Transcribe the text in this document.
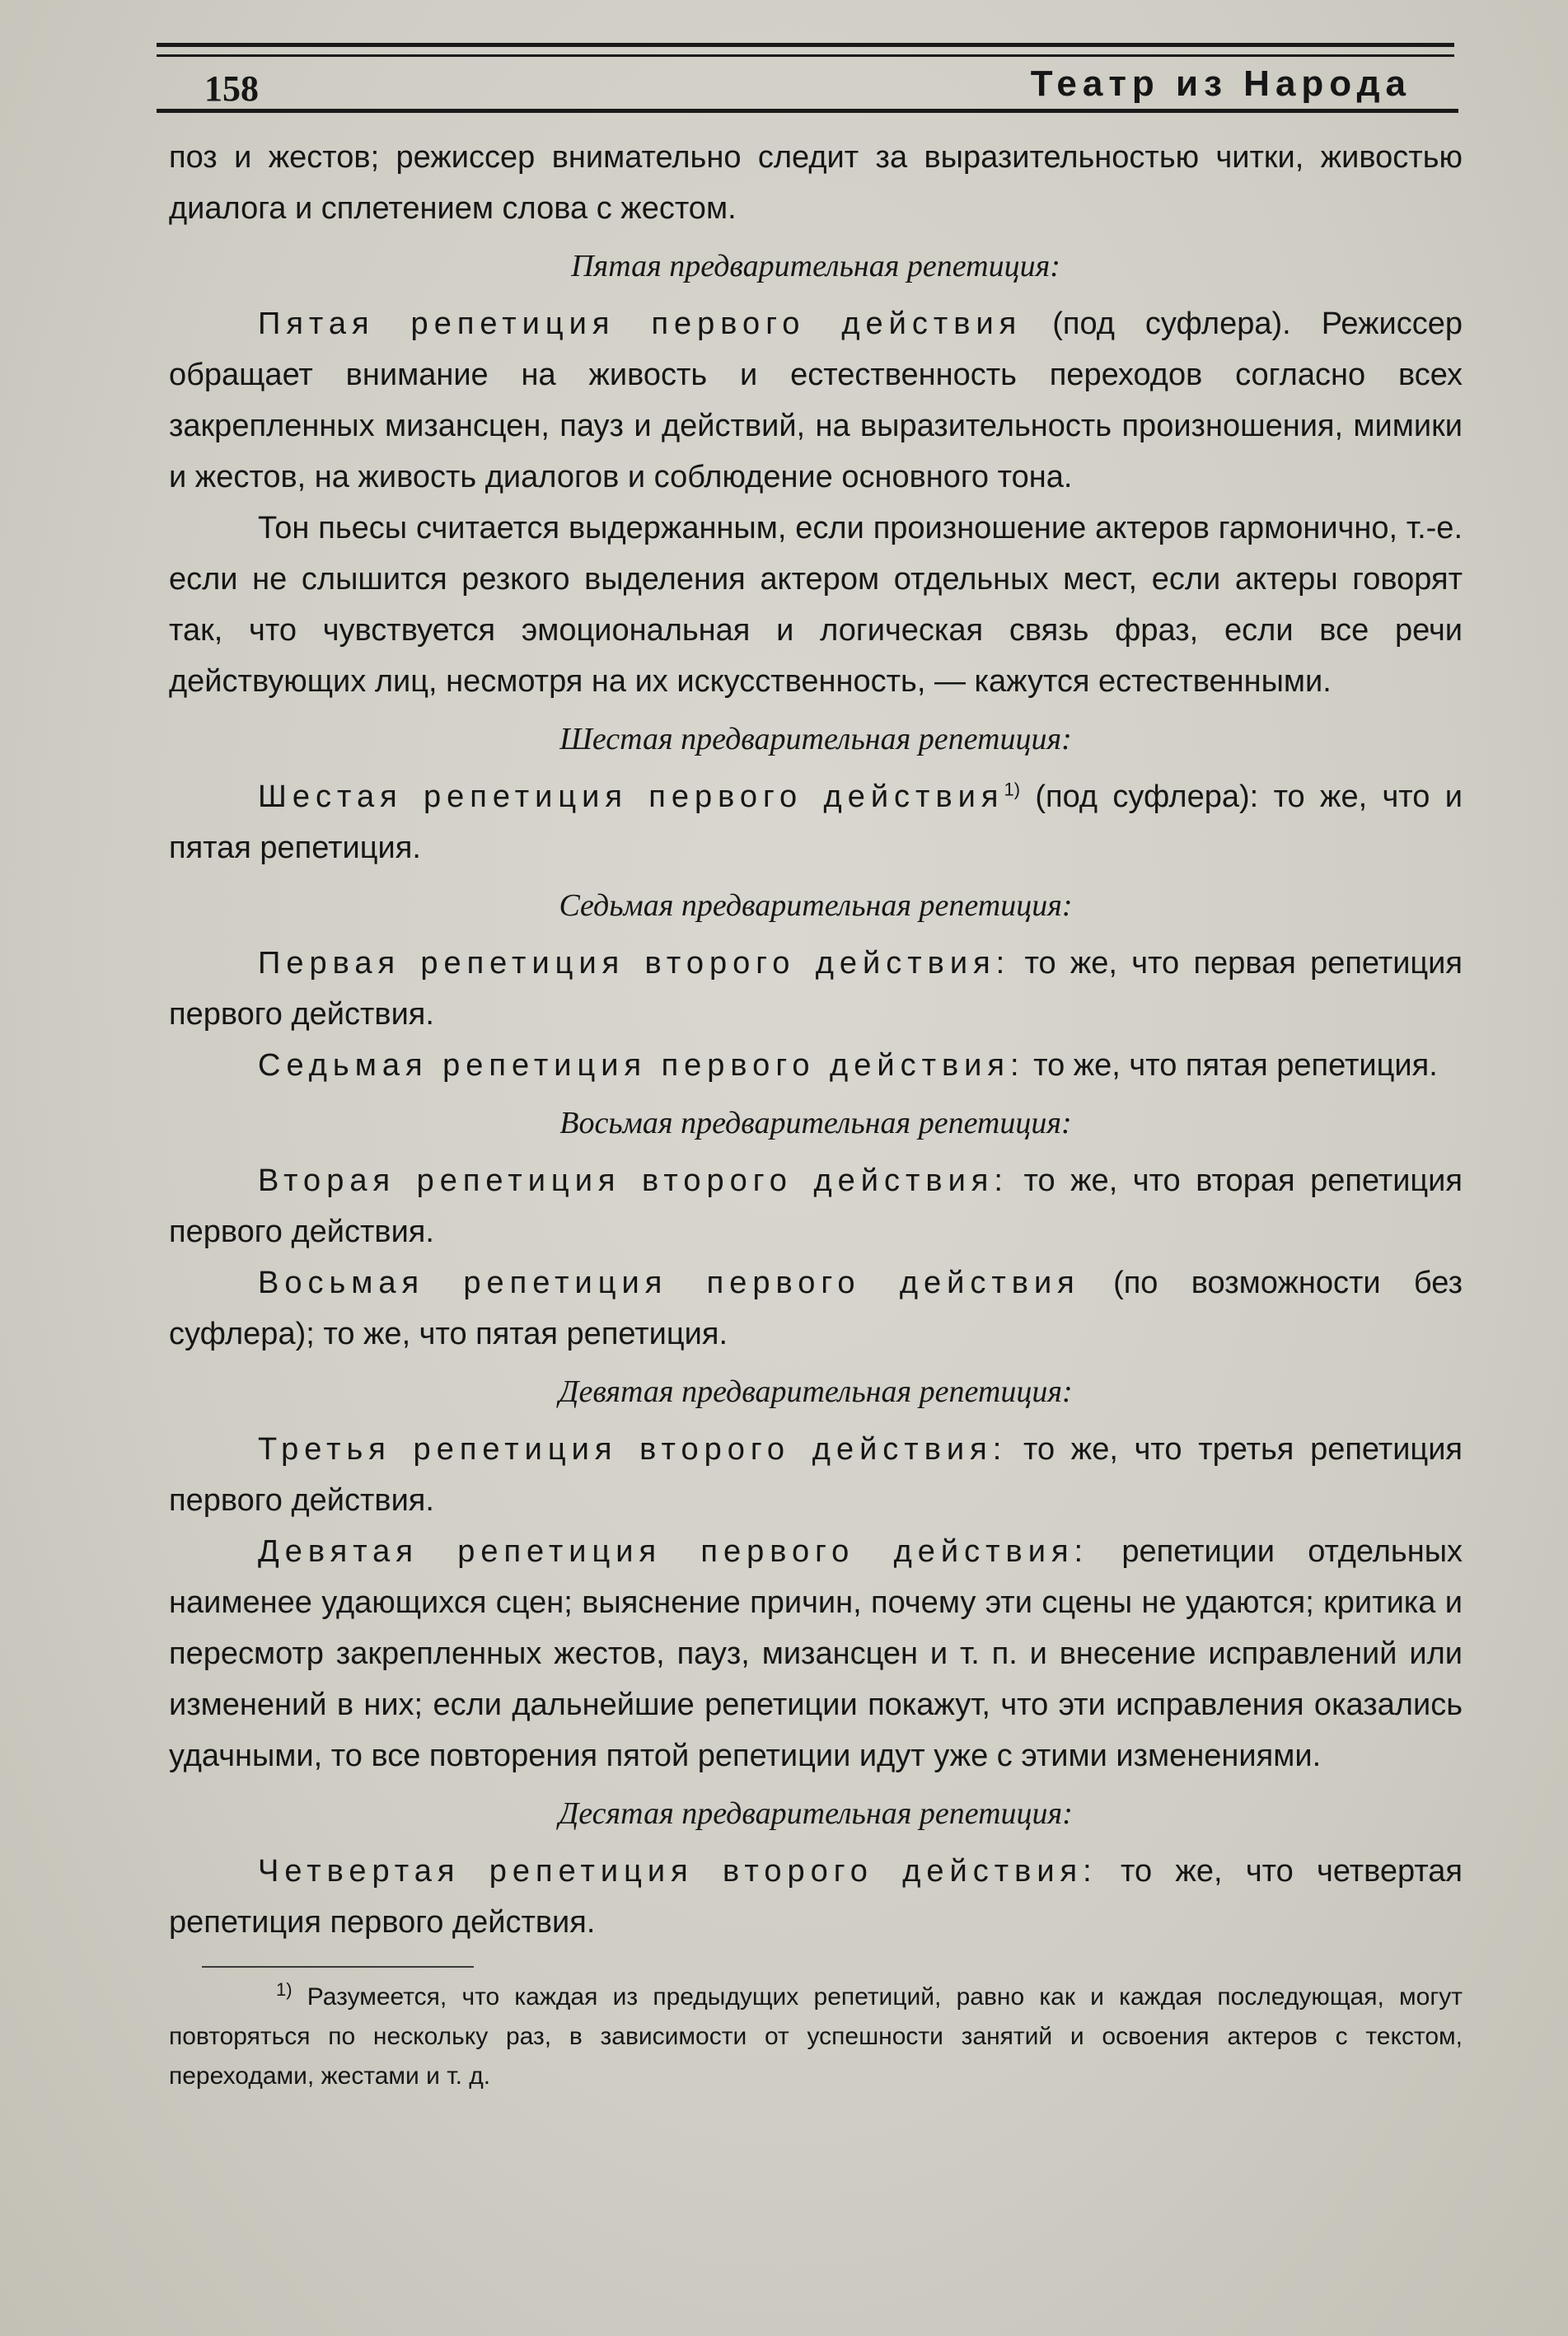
158	Театр из Народа

поз и жестов; режиссер внимательно следит за выразительностью читки, живостью диалога и сплетением слова с жестом.

Пятая предварительная репетиция:

Пятая репетиция первого действия (под суфлера). Режиссер обращает внимание на живость и естественность переходов согласно всех закрепленных мизансцен, пауз и действий, на выразительность произношения, мимики и жестов, на живость диалогов и соблюдение основного тона.

Тон пьесы считается выдержанным, если произношение актеров гармонично, т.-е. если не слышится резкого выделения актером отдельных мест, если актеры говорят так, что чувствуется эмоциональная и логическая связь фраз, если все речи действующих лиц, несмотря на их искусственность, — кажутся естественными.

Шестая предварительная репетиция:

Шестая репетиция первого действия$^{1)}$ (под суфлера): то же, что и пятая репетиция.

Седьмая предварительная репетиция:

Первая репетиция второго действия: то же, что первая репетиция первого действия.

Седьмая репетиция первого действия: то же, что пятая репетиция.

Восьмая предварительная репетиция:

Вторая репетиция второго действия: то же, что вторая репетиция первого действия.

Восьмая репетиция первого действия (по возможности без суфлера); то же, что пятая репетиция.

Девятая предварительная репетиция:

Третья репетиция второго действия: то же, что третья репетиция первого действия.

Девятая репетиция первого действия: репетиции отдельных наименее удающихся сцен; выяснение причин, почему эти сцены не удаются; критика и пересмотр закрепленных жестов, пауз, мизансцен и т. п. и внесение исправлений или изменений в них; если дальнейшие репетиции покажут, что эти исправления оказались удачными, то все повторения пятой репетиции идут уже с этими изменениями.

Десятая предварительная репетиция:

Четвертая репетиция второго действия: то же, что четвертая репетиция первого действия.

$^{1)}$ Разумеется, что каждая из предыдущих репетиций, равно как и каждая последующая, могут повторяться по нескольку раз, в зависимости от успешности занятий и освоения актеров с текстом, переходами, жестами и т. д.
